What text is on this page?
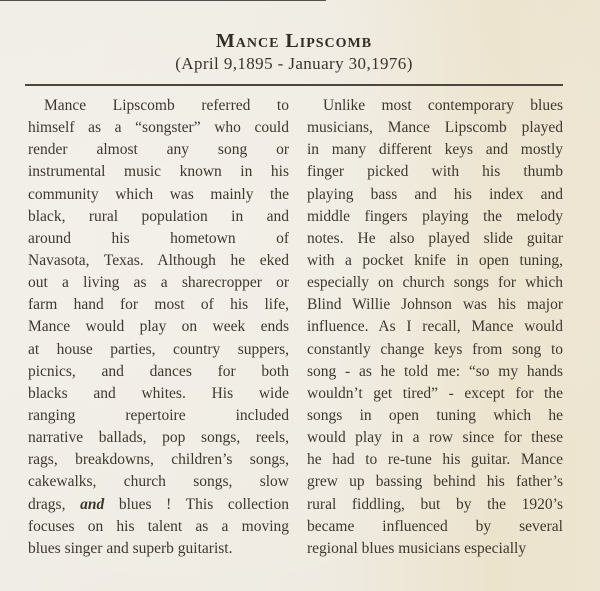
Mance Lipscomb
(April 9,1895 - January 30,1976)
Mance Lipscomb referred to
himself as a “songster” who could
render almost any song or
instrumental music known in his
community which was mainly the
black, rural population in and
around his hometown of
Navasota, Texas. Although he eked
out a living as a sharecropper or
farm hand for most of his life,
Mance would play on week ends
at house parties, country suppers,
picnics, and dances for both
blacks and whites. His wide
ranging repertoire included
narrative ballads, pop songs, reels,
rags, breakdowns, children’s songs,
cakewalks, church songs, slow
drags, and blues ! This collection
focuses on his talent as a moving
blues singer and superb guitarist.
Unlike most contemporary blues
musicians, Mance Lipscomb played
in many different keys and mostly
finger picked with his thumb
playing bass and his index and
middle fingers playing the melody
notes. He also played slide guitar
with a pocket knife in open tuning,
especially on church songs for which
Blind Willie Johnson was his major
influence. As I recall, Mance would
constantly change keys from song to
song - as he told me: “so my hands
wouldn’t get tired” - except for the
songs in open tuning which he
would play in a row since for these
he had to re-tune his guitar. Mance
grew up bassing behind his father’s
rural fiddling, but by the 1920’s
became influenced by several
regional blues musicians especially
